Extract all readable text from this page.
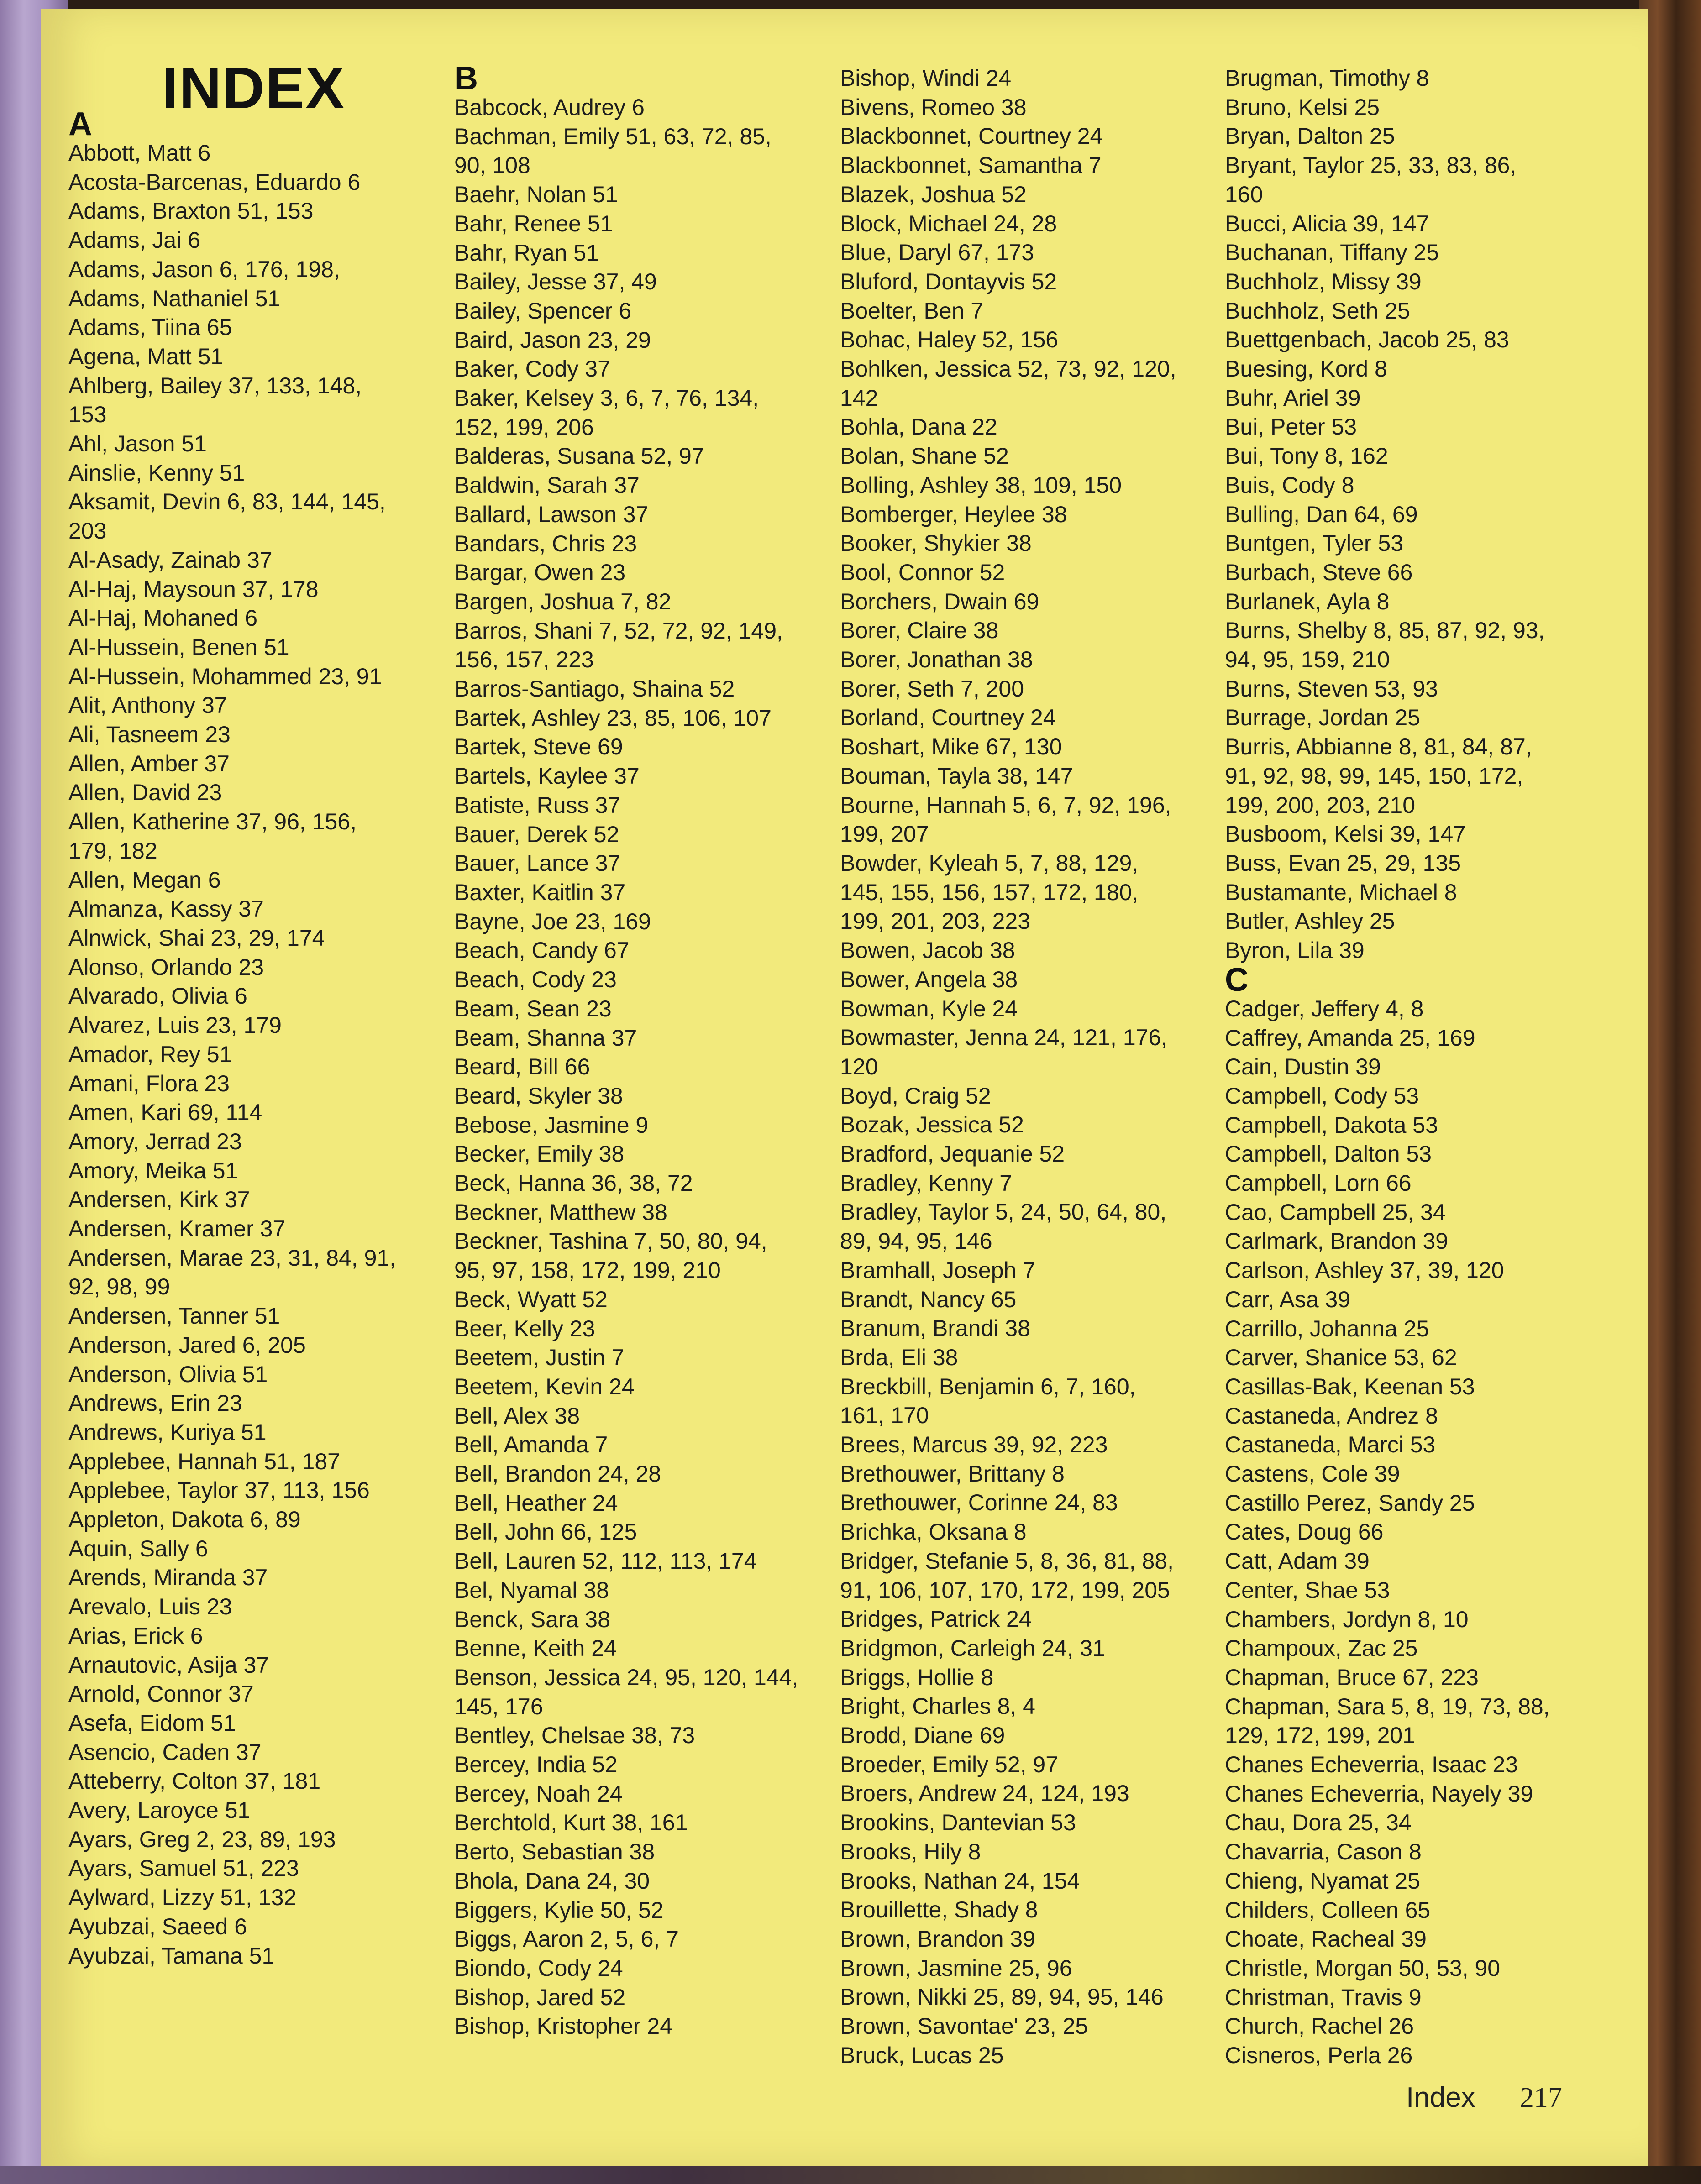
INDEX
A
Abbott, Matt 6
Acosta-Barcenas, Eduardo 6
Adams, Braxton 51, 153
Adams, Jai 6
Adams, Jason 6, 176, 198,
Adams, Nathaniel 51
Adams, Tiina 65
Agena, Matt 51
Ahlberg, Bailey 37, 133, 148,
153
Ahl, Jason 51
Ainslie, Kenny 51
Aksamit, Devin 6, 83, 144, 145,
203
Al-Asady, Zainab 37
Al-Haj, Maysoun 37, 178
Al-Haj, Mohaned 6
Al-Hussein, Benen 51
Al-Hussein, Mohammed 23, 91
Alit, Anthony 37
Ali, Tasneem 23
Allen, Amber 37
Allen, David 23
Allen, Katherine 37, 96, 156,
179, 182
Allen, Megan 6
Almanza, Kassy 37
Alnwick, Shai 23, 29, 174
Alonso, Orlando 23
Alvarado, Olivia 6
Alvarez, Luis 23, 179
Amador, Rey 51
Amani, Flora 23
Amen, Kari 69, 114
Amory, Jerrad 23
Amory, Meika 51
Andersen, Kirk 37
Andersen, Kramer 37
Andersen, Marae 23, 31, 84, 91,
92, 98, 99
Andersen, Tanner 51
Anderson, Jared 6, 205
Anderson, Olivia 51
Andrews, Erin 23
Andrews, Kuriya 51
Applebee, Hannah 51, 187
Applebee, Taylor 37, 113, 156
Appleton, Dakota 6, 89
Aquin, Sally 6
Arends, Miranda 37
Arevalo, Luis 23
Arias, Erick 6
Arnautovic, Asija 37
Arnold, Connor 37
Asefa, Eidom 51
Asencio, Caden 37
Atteberry, Colton 37, 181
Avery, Laroyce 51
Ayars, Greg 2, 23, 89, 193
Ayars, Samuel 51, 223
Aylward, Lizzy 51, 132
Ayubzai, Saeed 6
Ayubzai, Tamana 51
B
Babcock, Audrey 6
Bachman, Emily 51, 63, 72, 85,
90, 108
Baehr, Nolan 51
Bahr, Renee 51
Bahr, Ryan 51
Bailey, Jesse 37, 49
Bailey, Spencer 6
Baird, Jason 23, 29
Baker, Cody 37
Baker, Kelsey 3, 6, 7, 76, 134,
152, 199, 206
Balderas, Susana 52, 97
Baldwin, Sarah 37
Ballard, Lawson 37
Bandars, Chris 23
Bargar, Owen 23
Bargen, Joshua 7, 82
Barros, Shani 7, 52, 72, 92, 149,
156, 157, 223
Barros-Santiago, Shaina 52
Bartek, Ashley 23, 85, 106, 107
Bartek, Steve 69
Bartels, Kaylee 37
Batiste, Russ 37
Bauer, Derek 52
Bauer, Lance 37
Baxter, Kaitlin 37
Bayne, Joe 23, 169
Beach, Candy 67
Beach, Cody 23
Beam, Sean 23
Beam, Shanna 37
Beard, Bill 66
Beard, Skyler 38
Bebose, Jasmine 9
Becker, Emily 38
Beck, Hanna 36, 38, 72
Beckner, Matthew 38
Beckner, Tashina 7, 50, 80, 94,
95, 97, 158, 172, 199, 210
Beck, Wyatt 52
Beer, Kelly 23
Beetem, Justin 7
Beetem, Kevin 24
Bell, Alex 38
Bell, Amanda 7
Bell, Brandon 24, 28
Bell, Heather 24
Bell, John 66, 125
Bell, Lauren 52, 112, 113, 174
Bel, Nyamal 38
Benck, Sara 38
Benne, Keith 24
Benson, Jessica 24, 95, 120, 144,
145, 176
Bentley, Chelsae 38, 73
Bercey, India 52
Bercey, Noah 24
Berchtold, Kurt 38, 161
Berto, Sebastian 38
Bhola, Dana 24, 30
Biggers, Kylie 50, 52
Biggs, Aaron 2, 5, 6, 7
Biondo, Cody 24
Bishop, Jared 52
Bishop, Kristopher 24
Bishop, Windi 24
Bivens, Romeo 38
Blackbonnet, Courtney 24
Blackbonnet, Samantha 7
Blazek, Joshua 52
Block, Michael 24, 28
Blue, Daryl 67, 173
Bluford, Dontayvis 52
Boelter, Ben 7
Bohac, Haley 52, 156
Bohlken, Jessica 52, 73, 92, 120,
142
Bohla, Dana 22
Bolan, Shane 52
Bolling, Ashley 38, 109, 150
Bomberger, Heylee 38
Booker, Shykier 38
Bool, Connor 52
Borchers, Dwain 69
Borer, Claire 38
Borer, Jonathan 38
Borer, Seth 7, 200
Borland, Courtney 24
Boshart, Mike 67, 130
Bouman, Tayla 38, 147
Bourne, Hannah 5, 6, 7, 92, 196,
199, 207
Bowder, Kyleah 5, 7, 88, 129,
145, 155, 156, 157, 172, 180,
199, 201, 203, 223
Bowen, Jacob 38
Bower, Angela 38
Bowman, Kyle 24
Bowmaster, Jenna 24, 121, 176,
120
Boyd, Craig 52
Bozak, Jessica 52
Bradford, Jequanie 52
Bradley, Kenny 7
Bradley, Taylor 5, 24, 50, 64, 80,
89, 94, 95, 146
Bramhall, Joseph 7
Brandt, Nancy 65
Branum, Brandi 38
Brda, Eli 38
Breckbill, Benjamin 6, 7, 160,
161, 170
Brees, Marcus 39, 92, 223
Brethouwer, Brittany 8
Brethouwer, Corinne 24, 83
Brichka, Oksana 8
Bridger, Stefanie 5, 8, 36, 81, 88,
91, 106, 107, 170, 172, 199, 205
Bridges, Patrick 24
Bridgmon, Carleigh 24, 31
Briggs, Hollie 8
Bright, Charles 8, 4
Brodd, Diane 69
Broeder, Emily 52, 97
Broers, Andrew 24, 124, 193
Brookins, Dantevian 53
Brooks, Hily 8
Brooks, Nathan 24, 154
Brouillette, Shady 8
Brown, Brandon 39
Brown, Jasmine 25, 96
Brown, Nikki 25, 89, 94, 95, 146
Brown, Savontae' 23, 25
Bruck, Lucas 25
Brugman, Timothy 8
Bruno, Kelsi 25
Bryan, Dalton 25
Bryant, Taylor 25, 33, 83, 86,
160
Bucci, Alicia 39, 147
Buchanan, Tiffany 25
Buchholz, Missy 39
Buchholz, Seth 25
Buettgenbach, Jacob 25, 83
Buesing, Kord 8
Buhr, Ariel 39
Bui, Peter 53
Bui, Tony 8, 162
Buis, Cody 8
Bulling, Dan 64, 69
Buntgen, Tyler 53
Burbach, Steve 66
Burlanek, Ayla 8
Burns, Shelby 8, 85, 87, 92, 93,
94, 95, 159, 210
Burns, Steven 53, 93
Burrage, Jordan 25
Burris, Abbianne 8, 81, 84, 87,
91, 92, 98, 99, 145, 150, 172,
199, 200, 203, 210
Busboom, Kelsi 39, 147
Buss, Evan 25, 29, 135
Bustamante, Michael 8
Butler, Ashley 25
Byron, Lila 39
C
Cadger, Jeffery 4, 8
Caffrey, Amanda 25, 169
Cain, Dustin 39
Campbell, Cody 53
Campbell, Dakota 53
Campbell, Dalton 53
Campbell, Lorn 66
Cao, Campbell 25, 34
Carlmark, Brandon 39
Carlson, Ashley 37, 39, 120
Carr, Asa 39
Carrillo, Johanna 25
Carver, Shanice 53, 62
Casillas-Bak, Keenan 53
Castaneda, Andrez 8
Castaneda, Marci 53
Castens, Cole 39
Castillo Perez, Sandy 25
Cates, Doug 66
Catt, Adam 39
Center, Shae 53
Chambers, Jordyn 8, 10
Champoux, Zac 25
Chapman, Bruce 67, 223
Chapman, Sara 5, 8, 19, 73, 88,
129, 172, 199, 201
Chanes Echeverria, Isaac 23
Chanes Echeverria, Nayely 39
Chau, Dora 25, 34
Chavarria, Cason 8
Chieng, Nyamat 25
Childers, Colleen 65
Choate, Racheal 39
Christle, Morgan 50, 53, 90
Christman, Travis 9
Church, Rachel 26
Cisneros, Perla 26
Index 217
